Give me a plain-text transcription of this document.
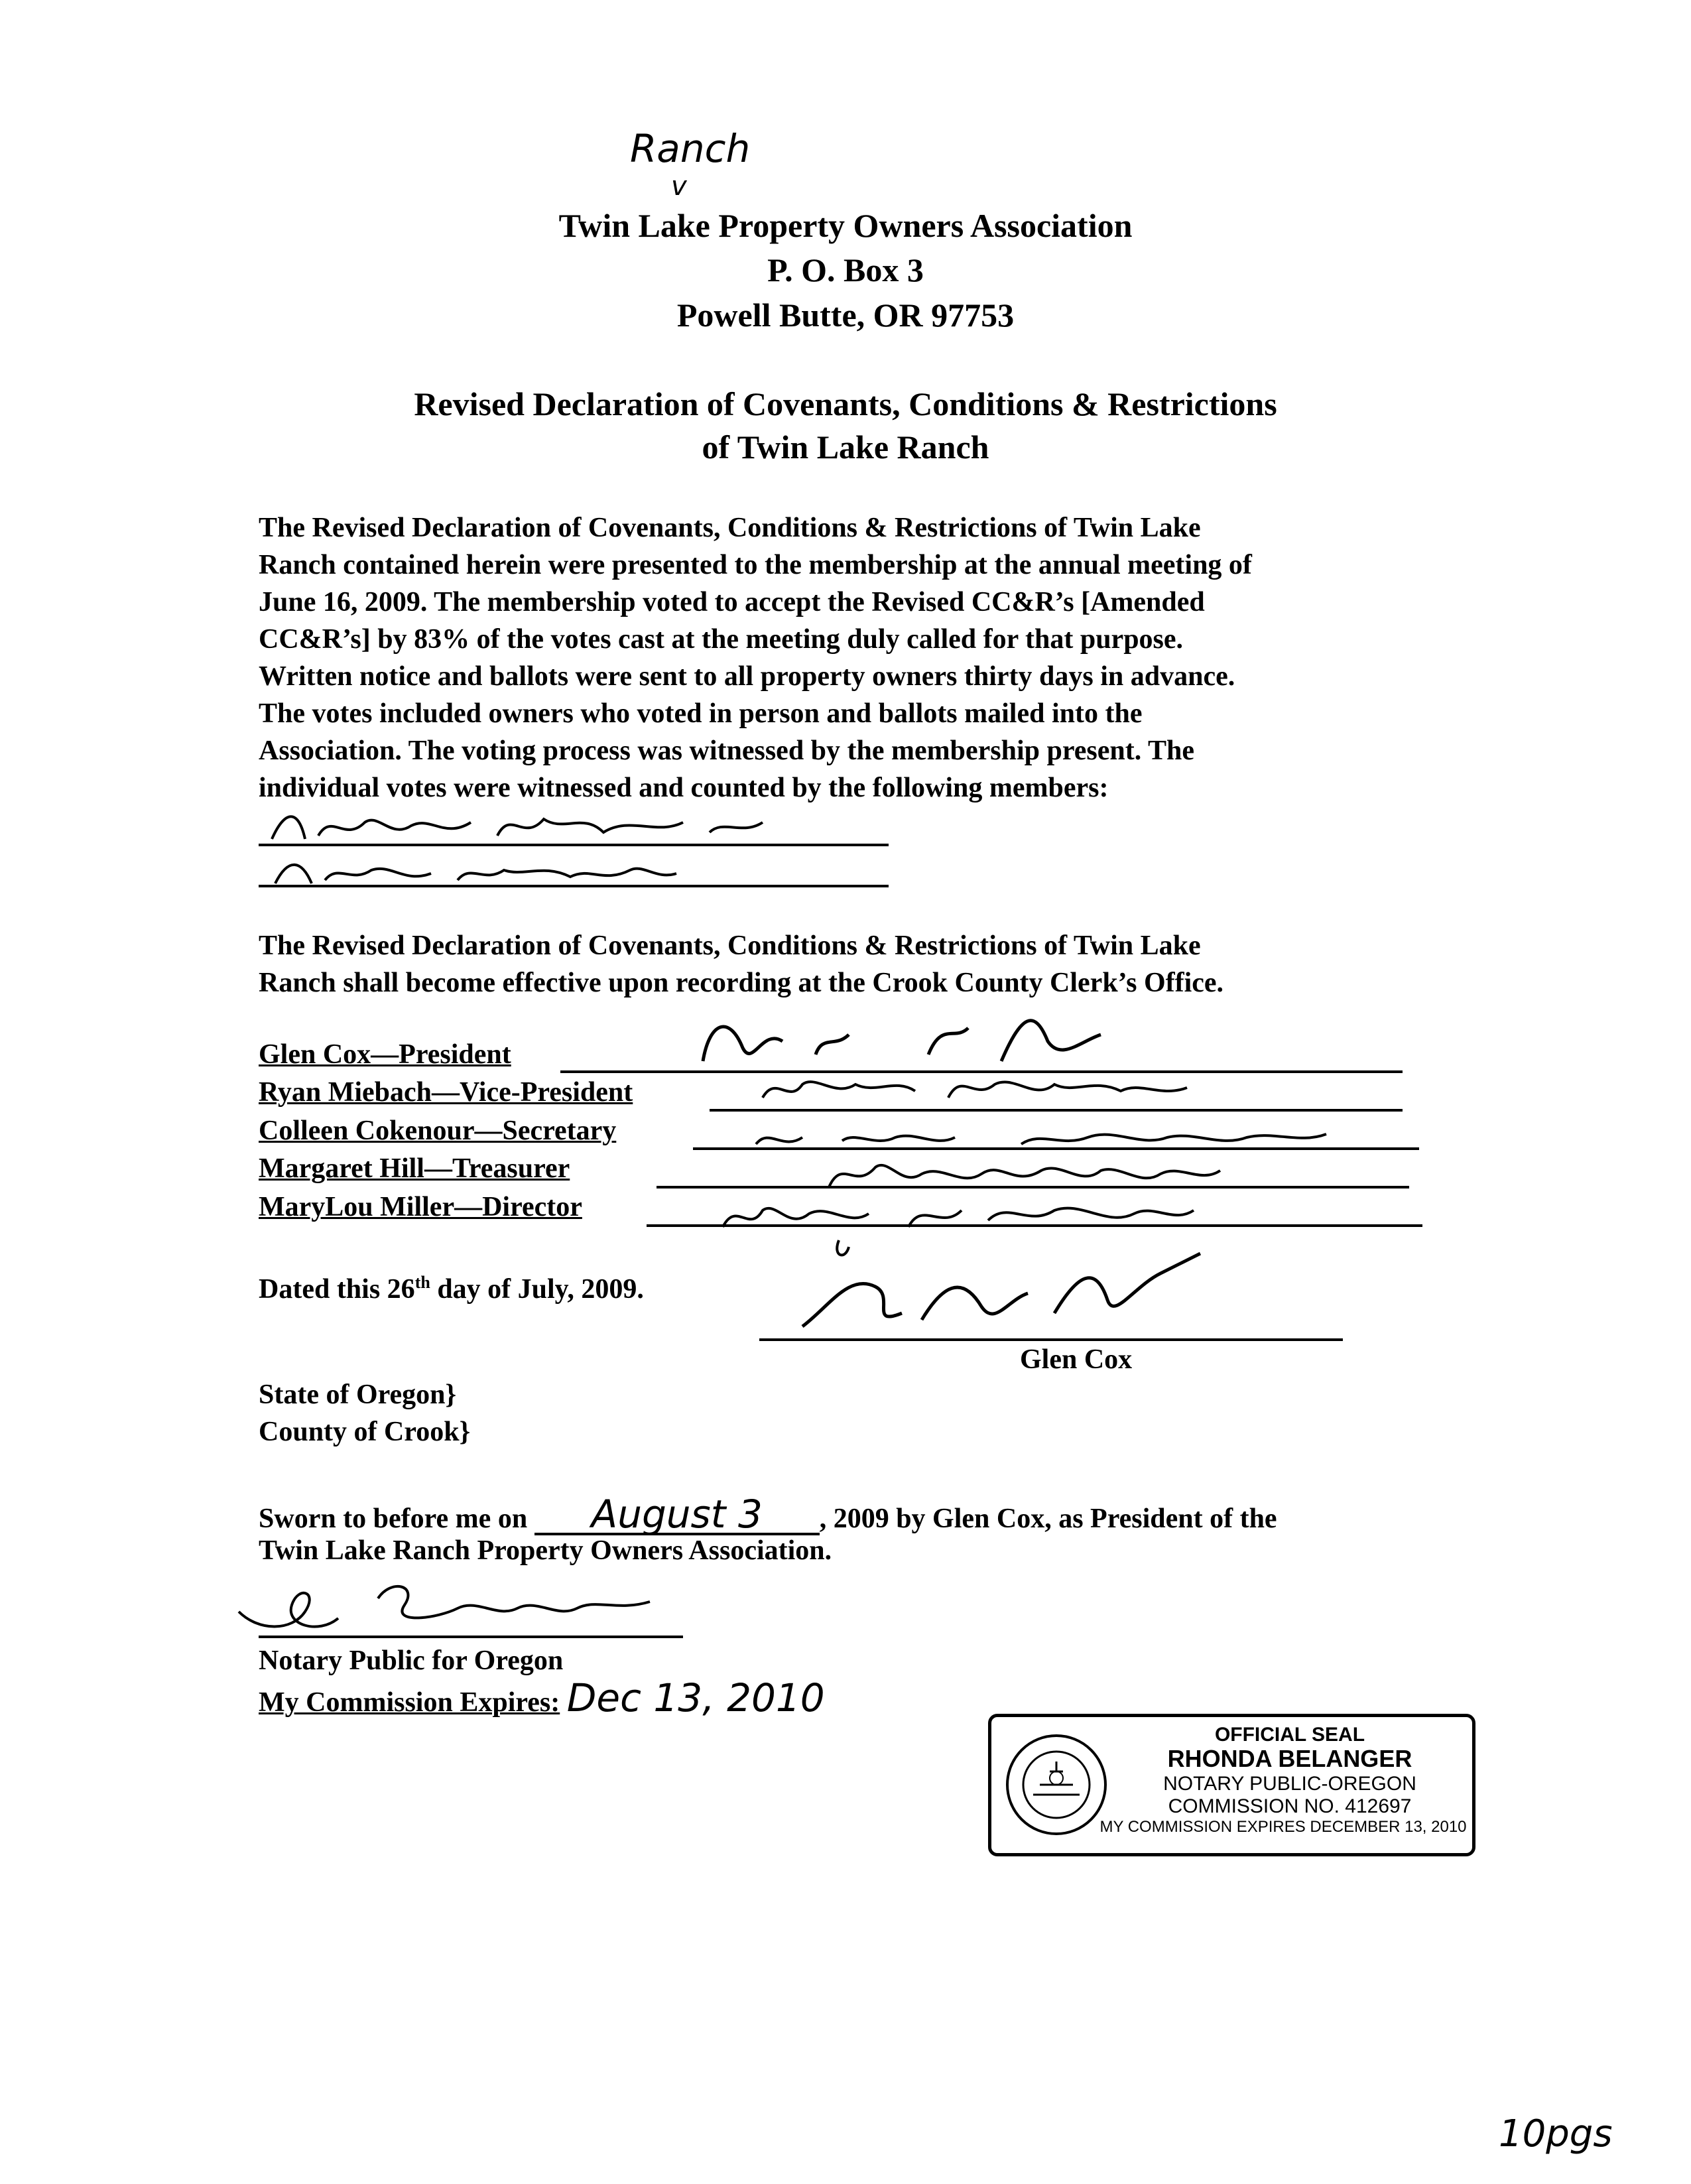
Ranch
v
Twin Lake Property Owners Association
P. O. Box 3
Powell Butte, OR 97753
Revised Declaration of Covenants, Conditions & Restrictions
of Twin Lake Ranch
The Revised Declaration of Covenants, Conditions & Restrictions of Twin Lake
Ranch contained herein were presented to the membership at the annual meeting of
June 16, 2009. The membership voted to accept the Revised CC&R’s [Amended
CC&R’s] by 83% of the votes cast at the meeting duly called for that purpose.
Written notice and ballots were sent to all property owners thirty days in advance.
The votes included owners who voted in person and ballots mailed into the
Association. The voting process was witnessed by the membership present. The
individual votes were witnessed and counted by the following members:
The Revised Declaration of Covenants, Conditions & Restrictions of Twin Lake
Ranch shall become effective upon recording at the Crook County Clerk’s Office.
Glen Cox—President
Ryan Miebach—Vice-President
Colleen Cokenour—Secretary
Margaret Hill—Treasurer
MaryLou Miller—Director
Dated this 26th day of July, 2009.
Glen Cox
State of Oregon}
County of Crook}
Sworn to before me on August 3 , 2009 by Glen Cox, as President of the
Twin Lake Ranch Property Owners Association.
Notary Public for Oregon
My Commission Expires: Dec 13, 2010
OFFICIAL SEAL
RHONDA BELANGER
NOTARY PUBLIC-OREGON
COMMISSION NO. 412697
MY COMMISSION EXPIRES DECEMBER 13, 2010
10pgs
